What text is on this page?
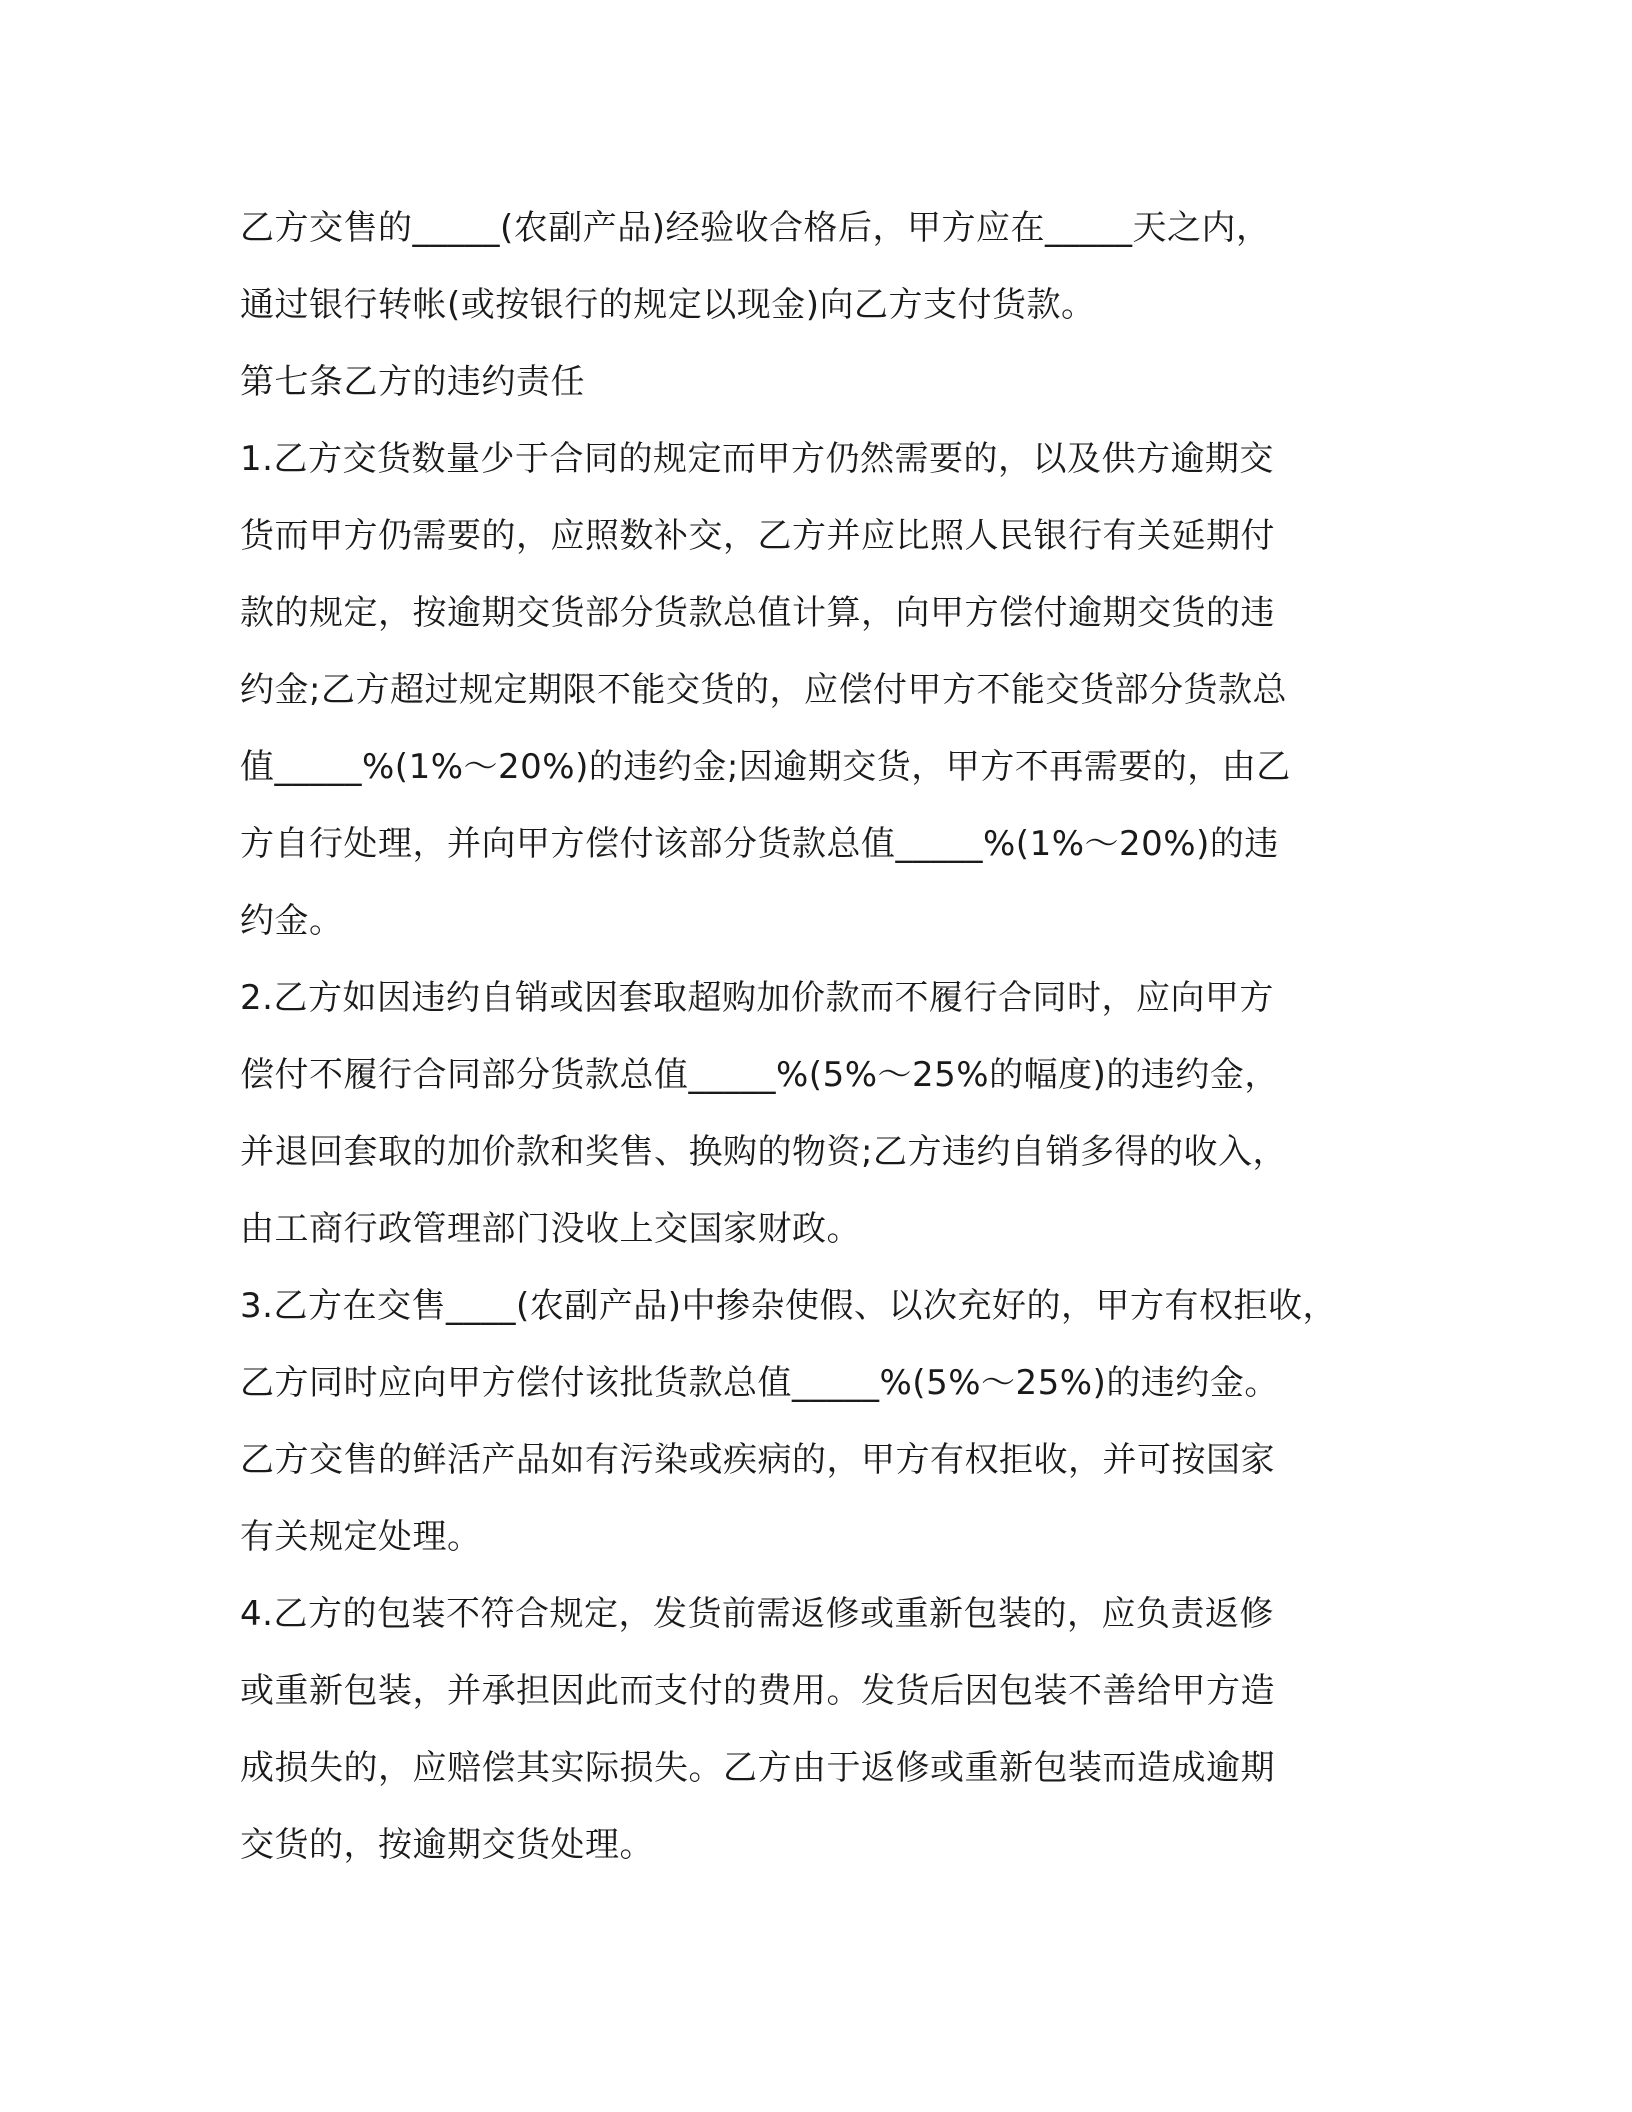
乙方交售的_____(农副产品)经验收合格后，甲方应在_____天之内，
通过银行转帐(或按银行的规定以现金)向乙方支付货款。
第七条乙方的违约责任
1.乙方交货数量少于合同的规定而甲方仍然需要的，以及供方逾期交
货而甲方仍需要的，应照数补交，乙方并应比照人民银行有关延期付
款的规定，按逾期交货部分货款总值计算，向甲方偿付逾期交货的违
约金;乙方超过规定期限不能交货的，应偿付甲方不能交货部分货款总
值_____%(1%～20%)的违约金;因逾期交货，甲方不再需要的，由乙
方自行处理，并向甲方偿付该部分货款总值_____%(1%～20%)的违
约金。
2.乙方如因违约自销或因套取超购加价款而不履行合同时，应向甲方
偿付不履行合同部分货款总值_____%(5%～25%的幅度)的违约金，
并退回套取的加价款和奖售、换购的物资;乙方违约自销多得的收入，
由工商行政管理部门没收上交国家财政。
3.乙方在交售____(农副产品)中掺杂使假、以次充好的，甲方有权拒收，
乙方同时应向甲方偿付该批货款总值_____%(5%～25%)的违约金。
乙方交售的鲜活产品如有污染或疾病的，甲方有权拒收，并可按国家
有关规定处理。
4.乙方的包装不符合规定，发货前需返修或重新包装的，应负责返修
或重新包装，并承担因此而支付的费用。发货后因包装不善给甲方造
成损失的，应赔偿其实际损失。乙方由于返修或重新包装而造成逾期
交货的，按逾期交货处理。
